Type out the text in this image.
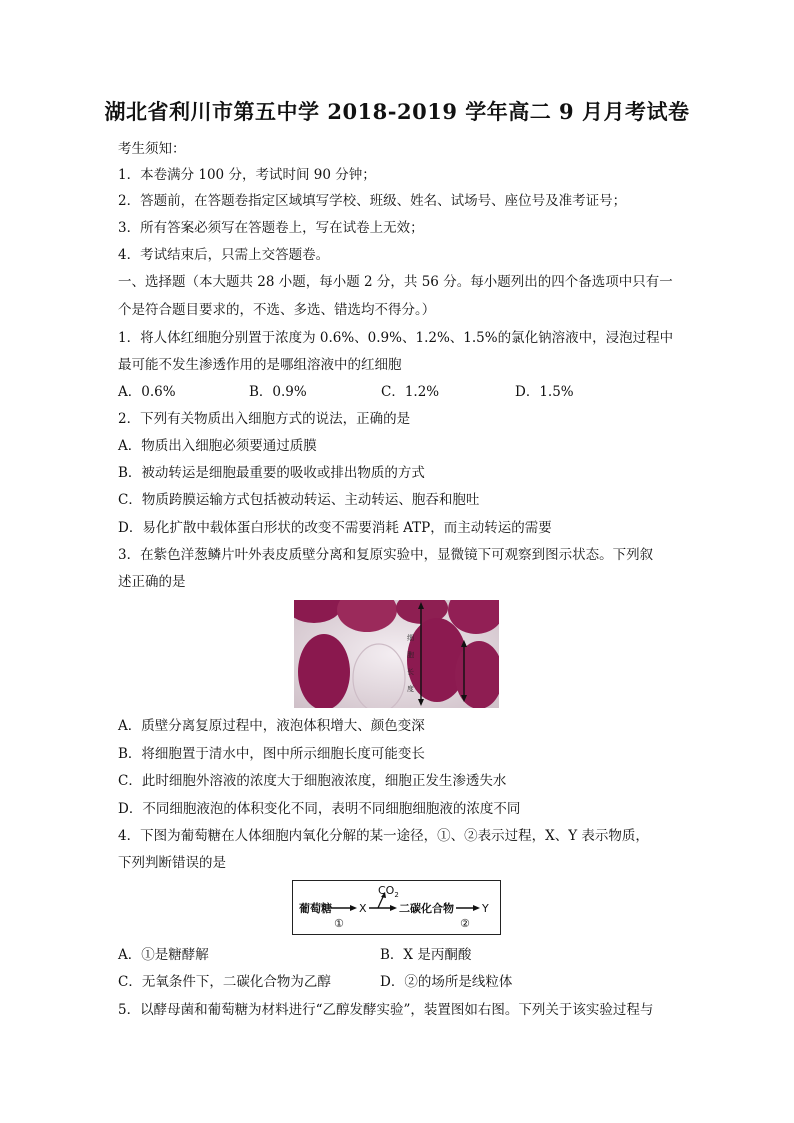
湖北省利川市第五中学 2018-2019 学年高二 9 月月考试卷
考生须知：
1．本卷满分 100 分，考试时间 90 分钟；
2．答题前，在答题卷指定区域填写学校、班级、姓名、试场号、座位号及准考证号；
3．所有答案必须写在答题卷上，写在试卷上无效；
4．考试结束后，只需上交答题卷。
一、选择题（本大题共 28 小题，每小题 2 分，共 56 分。每小题列出的四个备选项中只有一
个是符合题目要求的，不选、多选、错选均不得分。）
1．将人体红细胞分别置于浓度为 0.6%、0.9%、1.2%、1.5%的氯化钠溶液中，浸泡过程中
最可能不发生渗透作用的是哪组溶液中的红细胞
A．0.6%	B．0.9%	C．1.2%	D．1.5%
2．下列有关物质出入细胞方式的说法，正确的是
A．物质出入细胞必须要通过质膜
B．被动转运是细胞最重要的吸收或排出物质的方式
C．物质跨膜运输方式包括被动转运、主动转运、胞吞和胞吐
D．易化扩散中载体蛋白形状的改变不需要消耗 ATP，而主动转运的需要
3．在紫色洋葱鳞片叶外表皮质壁分离和复原实验中，显微镜下可观察到图示状态。下列叙
述正确的是
细
胞
长
度
A．质壁分离复原过程中，液泡体积增大、颜色变深
B．将细胞置于清水中，图中所示细胞长度可能变长
C．此时细胞外溶液的浓度大于细胞液浓度，细胞正发生渗透失水
D．不同细胞液泡的体积变化不同，表明不同细胞细胞液的浓度不同
4．下图为葡萄糖在人体细胞内氧化分解的某一途径，①、②表示过程，X、Y 表示物质，
下列判断错误的是
葡萄糖 X
$CO_2$
二碳化合物	Y
①	②
A．①是糖酵解	B．X 是丙酮酸
C．无氧条件下，二碳化合物为乙醇	D．②的场所是线粒体
5．以酵母菌和葡萄糖为材料进行“乙醇发酵实验”，装置图如右图。下列关于该实验过程与
